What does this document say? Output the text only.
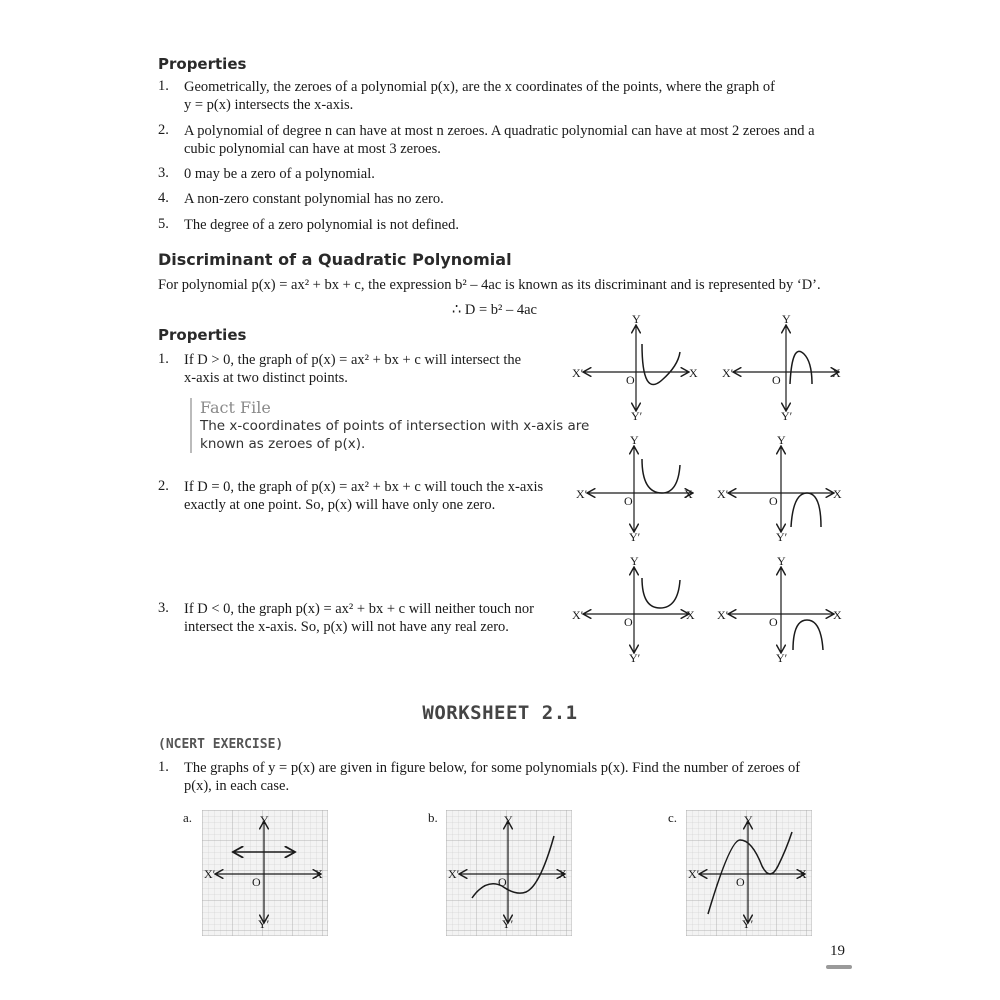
Properties
1. Geometrically, the zeroes of a polynomial p(x), are the x coordinates of the points, where the graph of
y = p(x) intersects the x-axis.
2. A polynomial of degree n can have at most n zeroes. A quadratic polynomial can have at most 2 zeroes and a
cubic polynomial can have at most 3 zeroes.
3. 0 may be a zero of a polynomial.
4. A non-zero constant polynomial has no zero.
5. The degree of a zero polynomial is not defined.
Discriminant of a Quadratic Polynomial
For polynomial p(x) = ax² + bx + c, the expression b² – 4ac is known as its discriminant and is represented by ‘D’.
∴ D = b² – 4ac
Properties
1. If D > 0, the graph of p(x) = ax² + bx + c will intersect the
x-axis at two distinct points.
Fact File
The x-coordinates of points of intersection with x-axis are
known as zeroes of p(x).
2. If D = 0, the graph of p(x) = ax² + bx + c will touch the x-axis
exactly at one point. So, p(x) will have only one zero.
3. If D < 0, the graph p(x) = ax² + bx + c will neither touch nor
intersect the x-axis. So, p(x) will not have any real zero.
Y
X′	X
O
Y′
Y
X′	X
O
Y′
Y
X′	X
O
Y′
Y
X′	X
O
Y′
Y
X′	X
O
Y′
Y
X′	X
O
Y′
WORKSHEET 2.1
(NCERT EXERCISE)
1. The graphs of y = p(x) are given in figure below, for some polynomials p(x). Find the number of zeroes of
p(x), in each case.
a.	b.	c.
Y
X′	X
O
Y′
Y
X′	X
O
Y′
Y
X′	X
O
Y′
19
